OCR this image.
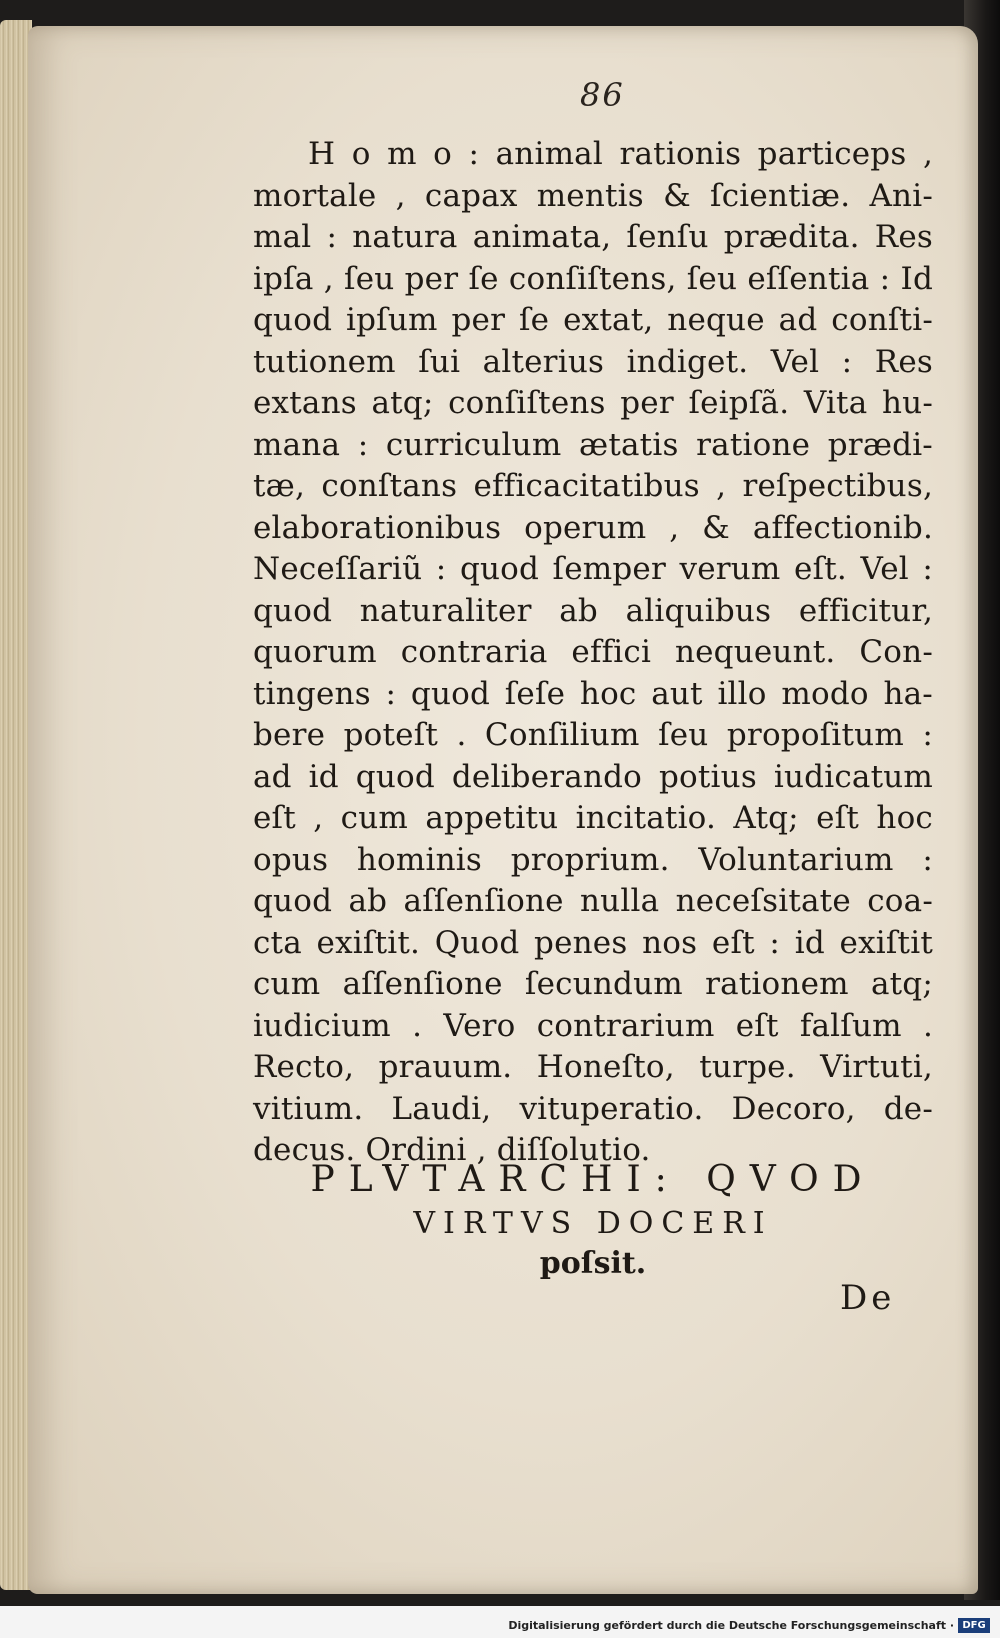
86
H o m o : animal rationis particeps ,
mortale , capax mentis & ſcientiæ. Ani-
mal : natura animata, ſenſu prædita. Res
ipſa , ſeu per ſe conſiſtens, ſeu eſſentia : Id
quod ipſum per ſe extat, neque ad conſti-
tutionem ſui alterius indiget. Vel : Res
extans atq; conſiſtens per ſeipſã. Vita hu-
mana : curriculum ætatis ratione prædi-
tæ, conſtans efficacitatibus , reſpectibus,
elaborationibus operum , & affectionib.
Neceſſariũ : quod ſemper verum eſt. Vel :
quod naturaliter ab aliquibus efficitur,
quorum contraria effici nequeunt. Con-
tingens : quod ſeſe hoc aut illo modo ha-
bere poteſt . Conſilium ſeu propoſitum :
ad id quod deliberando potius iudicatum
eſt , cum appetitu incitatio. Atq; eſt hoc
opus hominis proprium. Voluntarium :
quod ab aſſenſione nulla neceſsitate coa-
cta exiſtit. Quod penes nos eſt : id exiſtit
cum aſſenſione ſecundum rationem atq;
iudicium . Vero contrarium eſt falſum .
Recto, prauum. Honeſto, turpe. Virtuti,
vitium. Laudi, vituperatio. Decoro, de-
decus. Ordini , diſſolutio.
PLVTARCHI: QVOD
VIRTVS DOCERI
poſsit.
De
Digitalisierung gefördert durch die Deutsche Forschungsgemeinschaft · DFG
